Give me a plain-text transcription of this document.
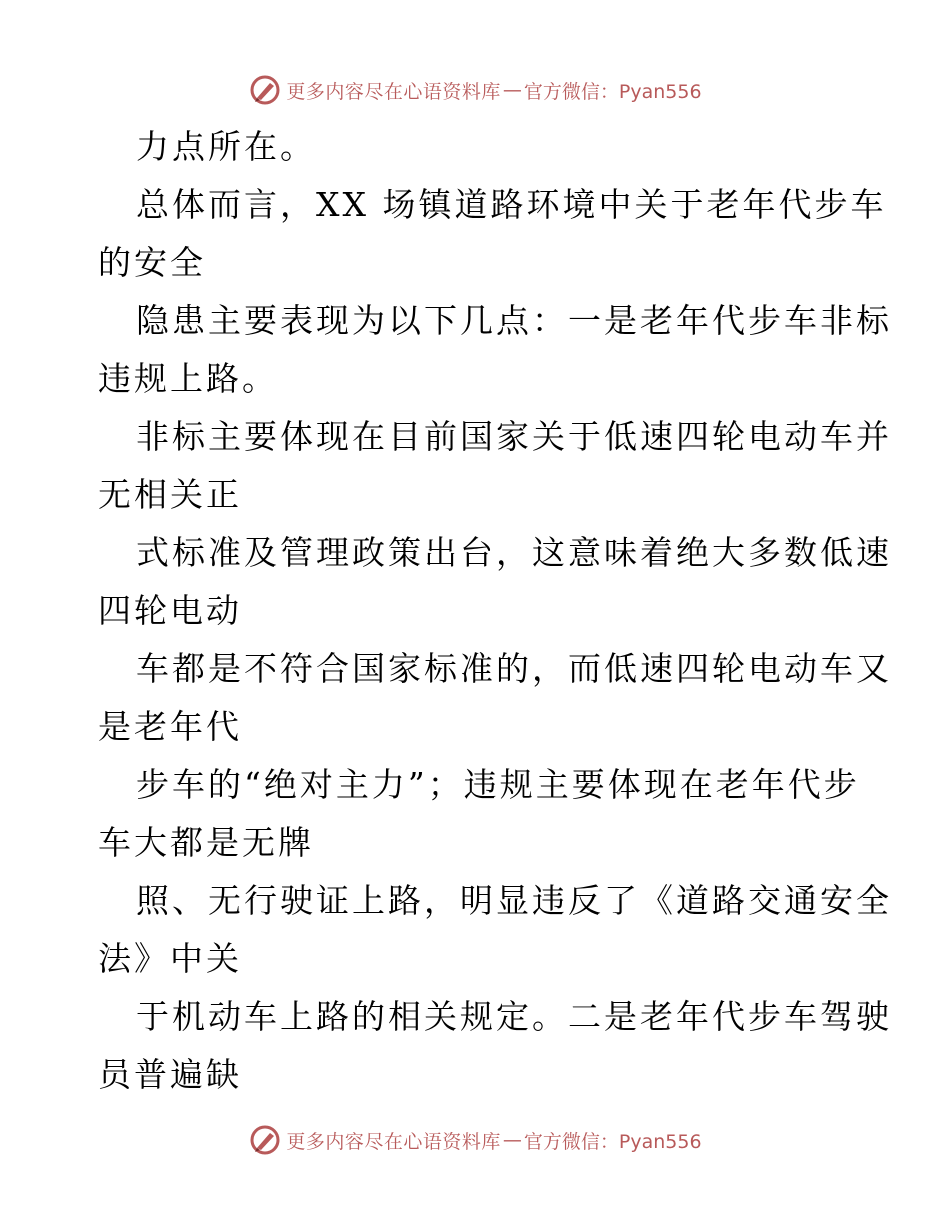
更多内容尽在心语资料库 — 官方微信：Pyan556

力点所在。

总体而言，XX 场镇道路环境中关于老年代步车

的安全

隐患主要表现为以下几点：一是老年代步车非标

违规上路。

非标主要体现在目前国家关于低速四轮电动车并

无相关正

式标准及管理政策出台，这意味着绝大多数低速

四轮电动

车都是不符合国家标准的，而低速四轮电动车又

是老年代

步车的“绝对主力”；违规主要体现在老年代步

车大都是无牌

照、无行驶证上路，明显违反了《道路交通安全

法》中关

于机动车上路的相关规定。二是老年代步车驾驶

员普遍缺

更多内容尽在心语资料库 — 官方微信：Pyan556
